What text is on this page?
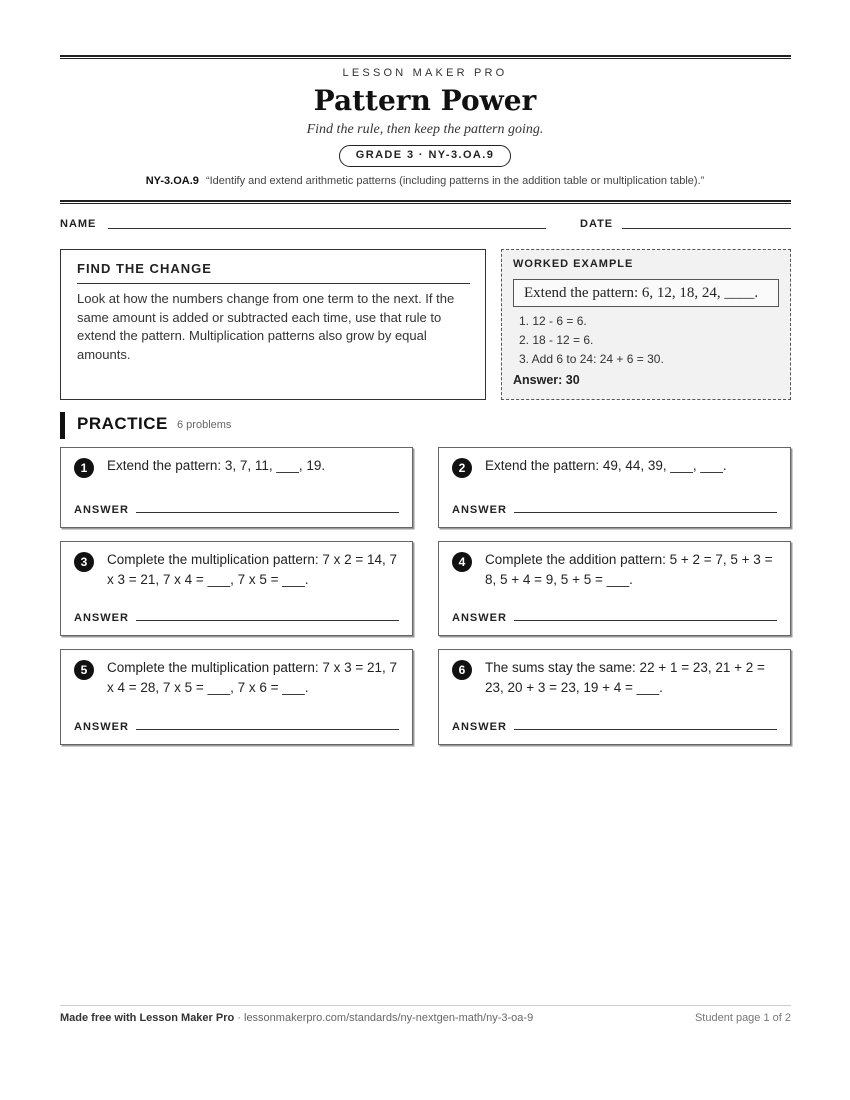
LESSON MAKER PRO
Pattern Power
Find the rule, then keep the pattern going.
GRADE 3 · NY-3.OA.9
NY-3.OA.9 “Identify and extend arithmetic patterns (including patterns in the addition table or multiplication table).”
NAME	DATE
FIND THE CHANGE
Look at how the numbers change from one term to the next. If the same amount is added or subtracted each time, use that rule to extend the pattern. Multiplication patterns also grow by equal amounts.
WORKED EXAMPLE
Extend the pattern: 6, 12, 18, 24, ____.
1. 12 - 6 = 6.
2. 18 - 12 = 6.
3. Add 6 to 24: 24 + 6 = 30.
Answer: 30
PRACTICE 6 problems
1	Extend the pattern: 3, 7, 11, ___, 19.
ANSWER
2	Extend the pattern: 49, 44, 39, ___, ___.
ANSWER
3	Complete the multiplication pattern: 7 x 2 = 14, 7 x 3 = 21, 7 x 4 = ___, 7 x 5 = ___.
ANSWER
4	Complete the addition pattern: 5 + 2 = 7, 5 + 3 = 8, 5 + 4 = 9, 5 + 5 = ___.
ANSWER
5	Complete the multiplication pattern: 7 x 3 = 21, 7 x 4 = 28, 7 x 5 = ___, 7 x 6 = ___.
ANSWER
6	The sums stay the same: 22 + 1 = 23, 21 + 2 = 23, 20 + 3 = 23, 19 + 4 = ___.
ANSWER
Made free with Lesson Maker Pro · lessonmakerpro.com/standards/ny-nextgen-math/ny-3-oa-9	Student page 1 of 2
